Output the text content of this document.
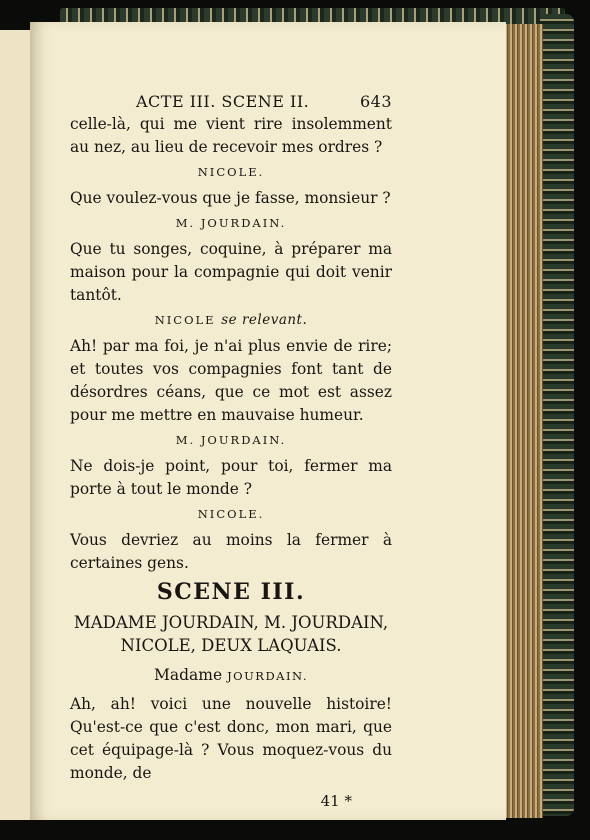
ACTE III. SCENE II.	643

celle-là, qui me vient rire insolemment au nez, au lieu de recevoir mes ordres ?

NICOLE.

Que voulez-vous que je fasse, monsieur ?

M. JOURDAIN.

Que tu songes, coquine, à préparer ma maison pour la compagnie qui doit venir tantôt.

NICOLE se relevant.

Ah! par ma foi, je n'ai plus envie de rire; et toutes vos compagnies font tant de désordres céans, que ce mot est assez pour me mettre en mauvaise humeur.

M. JOURDAIN.

Ne dois-je point, pour toi, fermer ma porte à tout le monde ?

NICOLE.

Vous devriez au moins la fermer à certaines gens.

SCENE III.
MADAME JOURDAIN, M. JOURDAIN,
NICOLE, DEUX LAQUAIS.
Madame JOURDAIN.

Ah, ah! voici une nouvelle histoire! Qu'est-ce que c'est donc, mon mari, que cet équipage-là ? Vous moquez-vous du monde, de

41 *
